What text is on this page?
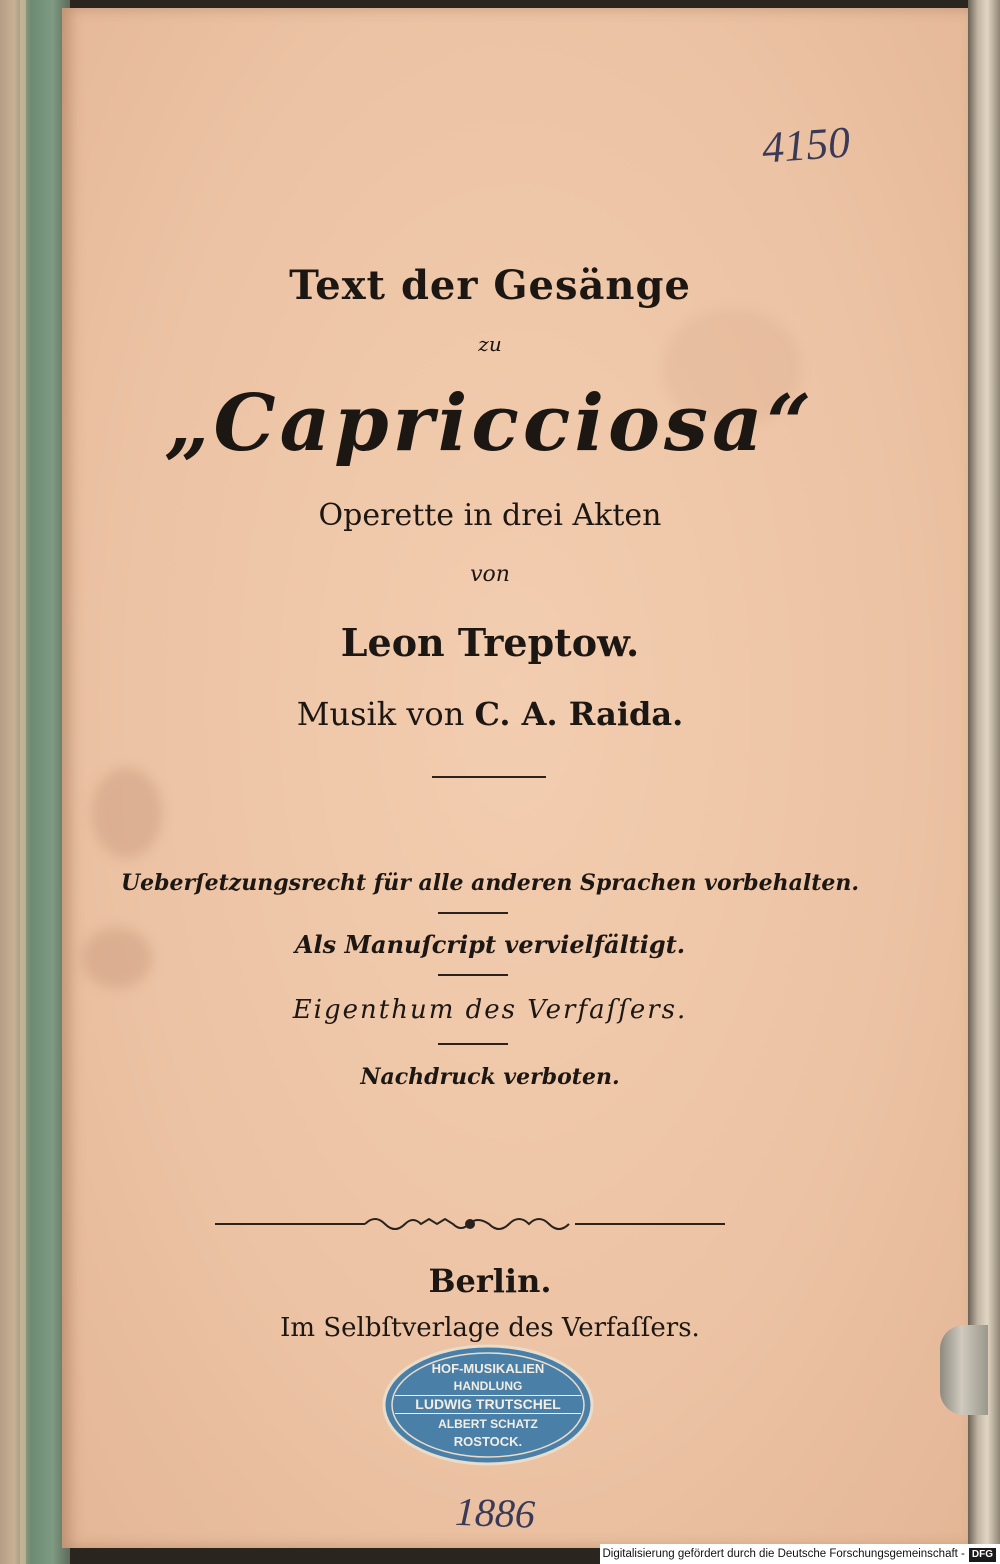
4150
Text der Gesänge
zu
„Capricciosa“
Operette in drei Akten
von
Leon Treptow.
Musik von C. A. Raida.
Ueberſetzungsrecht für alle anderen Sprachen vorbehalten.
Als Manuſcript vervielfältigt.
Eigenthum des Verfaſſers.
Nachdruck verboten.
Berlin.
Im Selbſtverlage des Verfaſſers.
HOF-MUSIKALIEN
HANDLUNG
LUDWIG TRUTSCHEL
ALBERT SCHATZ
ROSTOCK.
1886
Digitalisierung gefördert durch die Deutsche Forschungsgemeinschaft - DFG
